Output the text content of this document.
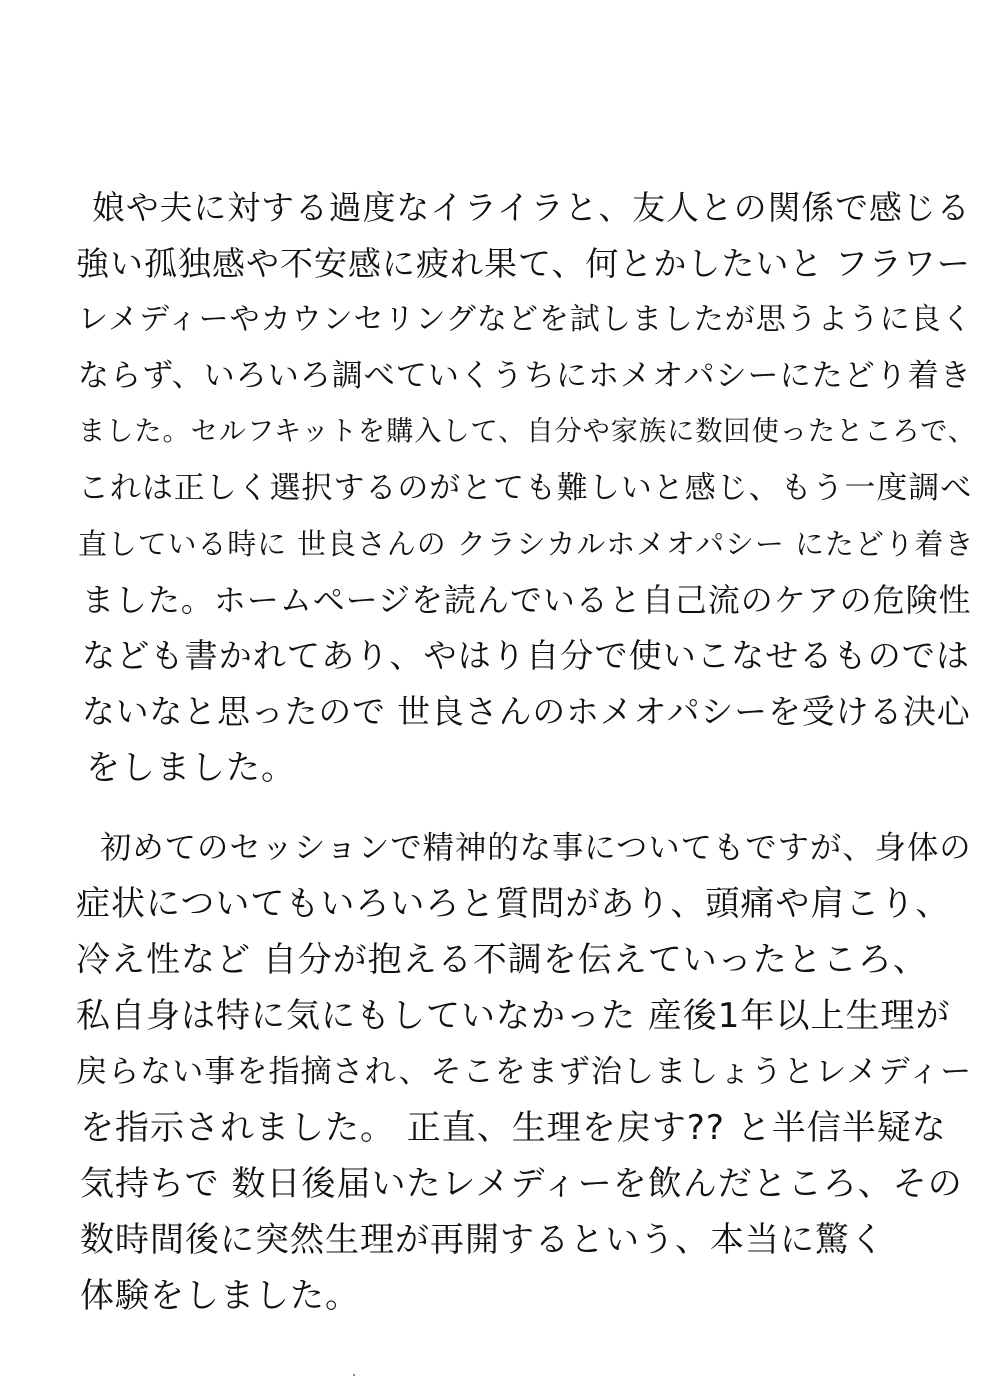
娘や夫に対する過度なイライラと、友人との関係で感じる
強い孤独感や不安感に疲れ果て、何とかしたいと フラワー
レメディーやカウンセリングなどを試しましたが思うように良く
ならず、いろいろ調べていくうちにホメオパシーにたどり着き
ました。セルフキットを購入して、自分や家族に数回使ったところで、
これは正しく選択するのがとても難しいと感じ、もう一度調べ
直している時に 世良さんの クラシカルホメオパシー にたどり着き
ました。ホームページを読んでいると自己流のケアの危険性
なども書かれてあり、やはり自分で使いこなせるものでは
ないなと思ったので 世良さんのホメオパシーを受ける決心
をしました。
初めてのセッションで精神的な事についてもですが、身体の
症状についてもいろいろと質問があり、頭痛や肩こり、
冷え性など 自分が抱える不調を伝えていったところ、
私自身は特に気にもしていなかった 産後1年以上生理が
戻らない事を指摘され、そこをまず治しましょうとレメディー
を指示されました。 正直、生理を戻す?? と半信半疑な
気持ちで 数日後届いたレメディーを飲んだところ、その
数時間後に突然生理が再開するという、本当に驚く
体験をしました。
